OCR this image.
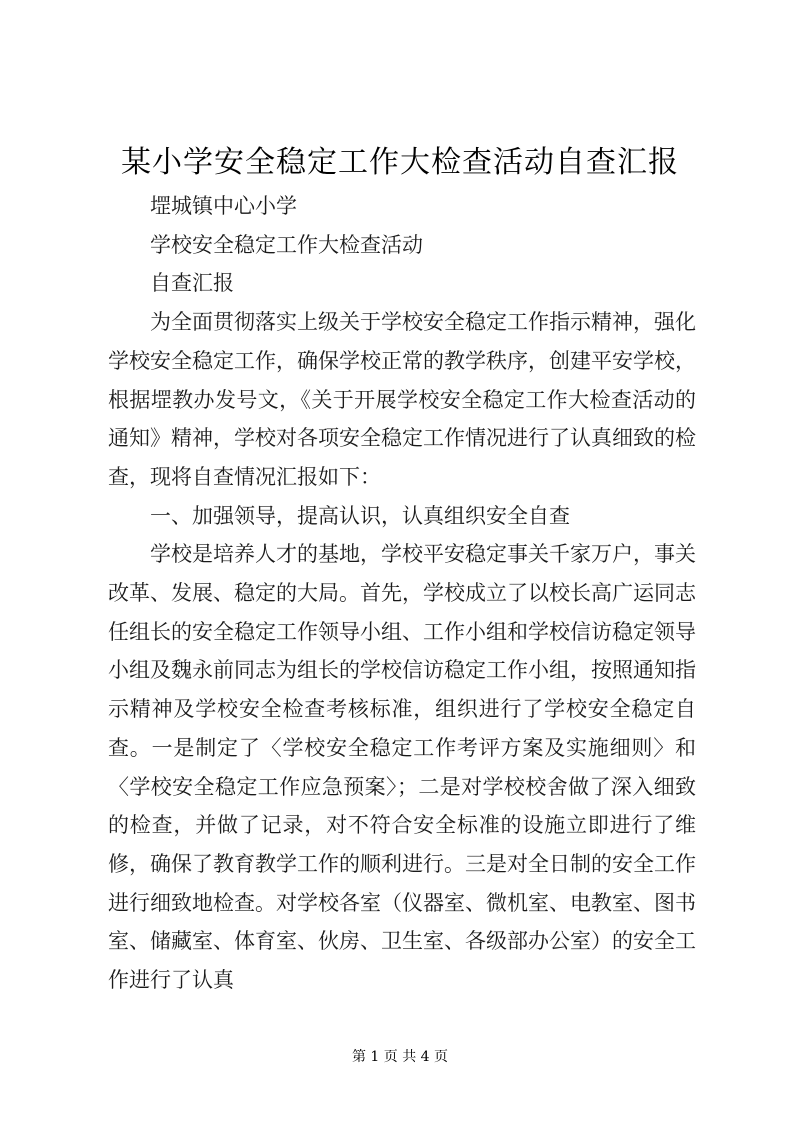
某小学安全稳定工作大检查活动自查汇报

堽城镇中心小学

学校安全稳定工作大检查活动

自查汇报

为全面贯彻落实上级关于学校安全稳定工作指示精神，强化学校安全稳定工作，确保学校正常的教学秩序，创建平安学校，根据堽教办发号文，《关于开展学校安全稳定工作大检查活动的通知》精神，学校对各项安全稳定工作情况进行了认真细致的检查，现将自查情况汇报如下：

一、加强领导，提高认识，认真组织安全自查

学校是培养人才的基地，学校平安稳定事关千家万户，事关改革、发展、稳定的大局。首先，学校成立了以校长高广运同志任组长的安全稳定工作领导小组、工作小组和学校信访稳定领导小组及魏永前同志为组长的学校信访稳定工作小组，按照通知指示精神及学校安全检查考核标准，组织进行了学校安全稳定自查。一是制定了〈学校安全稳定工作考评方案及实施细则〉和〈学校安全稳定工作应急预案〉；二是对学校校舍做了深入细致的检查，并做了记录，对不符合安全标准的设施立即进行了维修，确保了教育教学工作的顺利进行。三是对全日制的安全工作进行细致地检查。对学校各室（仪器室、微机室、电教室、图书室、储藏室、体育室、伙房、卫生室、各级部办公室）的安全工作进行了认真

第 1 页 共 4 页
